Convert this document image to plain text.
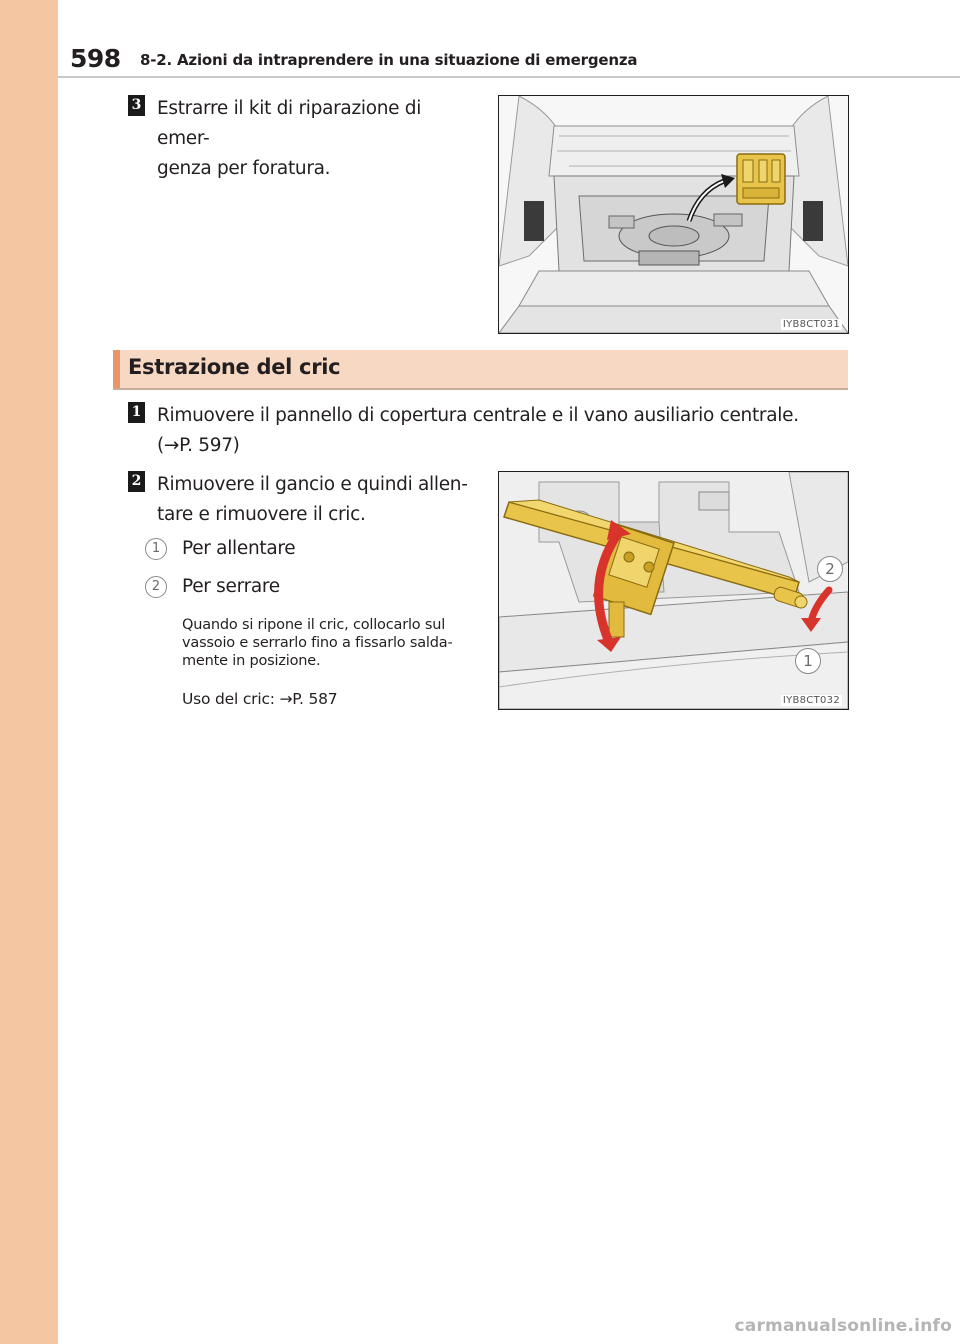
598 8-2. Azioni da intraprendere in una situazione di emergenza
3 Estrarre il kit di riparazione di emer-
genza per foratura.
IYB8CT031
Estrazione del cric
1 Rimuovere il pannello di copertura centrale e il vano ausiliario centrale.
(→P. 597)
2 Rimuovere il gancio e quindi allen-
tare e rimuovere il cric.
1	Per allentare
2	Per serrare
Quando si ripone il cric, collocarlo sul
vassoio e serrarlo fino a fissarlo salda-
mente in posizione.
Uso del cric: →P. 587
2
1
IYB8CT032
carmanualsonline.info
